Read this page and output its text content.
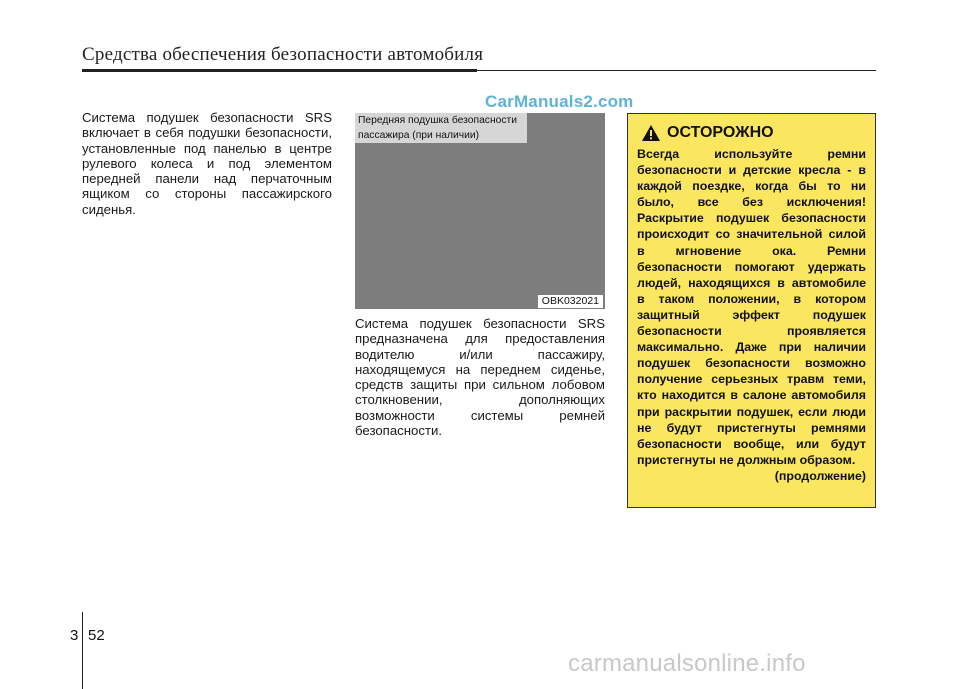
Средства обеспечения безопасности автомобиля

Система подушек безопасности SRS включает в себя подушки безопасности, установленные под панелью в центре рулевого колеса и под элементом передней панели над перчаточным ящиком со стороны пассажирского сиденья.

CarManuals2.com
Передняя подушка безопасности пассажира (при наличии)
OBK032021

Система подушек безопасности SRS предназначена для предоставления водителю и/или пассажиру, находящемуся на переднем сиденье, средств защиты при сильном лобовом столкновении, дополняющих возможности системы ремней безопасности.

ОСТОРОЖНО
Всегда используйте ремни безопасности и детские кресла - в каждой поездке, когда бы то ни было, все без исключения! Раскрытие подушек безопасности происходит со значительной силой в мгновение ока. Ремни безопасности помогают удержать людей, находящихся в автомобиле в таком положении, в котором защитный эффект подушек безопасности проявляется максимально. Даже при наличии подушек безопасности возможно получение серьезных травм теми, кто находится в салоне автомобиля при раскрытии подушек, если люди не будут пристегнуты ремнями безопасности вообще, или будут пристегнуты не должным образом.
(продолжение)
3 52
carmanualsonline.info
